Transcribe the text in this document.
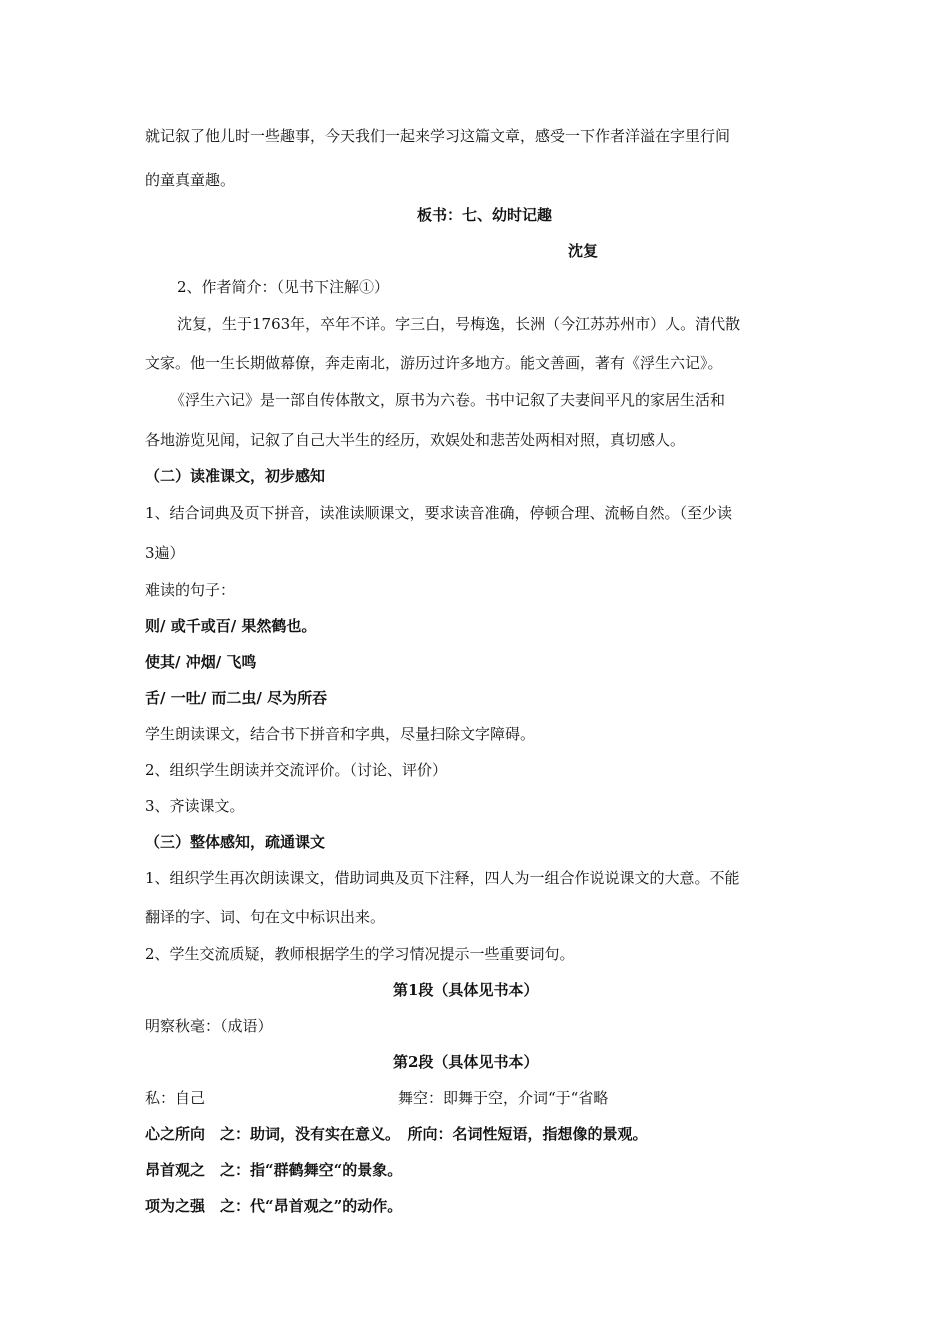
就记叙了他儿时一些趣事，今天我们一起来学习这篇文章，感受一下作者洋溢在字里行间
的童真童趣。
板书：七、幼时记趣
沈复
2、作者简介：（见书下注解①）
沈复，生于1763年，卒年不详。字三白，号梅逸，长洲（今江苏苏州市）人。清代散
文家。他一生长期做幕僚，奔走南北，游历过许多地方。能文善画，著有《浮生六记》。
《浮生六记》是一部自传体散文，原书为六卷。书中记叙了夫妻间平凡的家居生活和
各地游览见闻，记叙了自己大半生的经历，欢娱处和悲苦处两相对照，真切感人。
（二）读准课文，初步感知
1、结合词典及页下拼音，读准读顺课文，要求读音准确，停顿合理、流畅自然。（至少读
3遍）
难读的句子：
则/ 或千或百/ 果然鹤也。
使其/ 冲烟/ 飞鸣
舌/ 一吐/ 而二虫/ 尽为所吞
学生朗读课文，结合书下拼音和字典，尽量扫除文字障碍。
2、组织学生朗读并交流评价。（讨论、评价）
3、齐读课文。
（三）整体感知，疏通课文
1、组织学生再次朗读课文，借助词典及页下注释，四人为一组合作说说课文的大意。不能
翻译的字、词、句在文中标识出来。
2、学生交流质疑，教师根据学生的学习情况提示一些重要词句。
第1段（具体见书本）
明察秋毫：（成语）
第2段（具体见书本）
私：自己	舞空：即舞于空，介词“于“省略
心之所向　之：助词，没有实在意义。　所向：名词性短语，指想像的景观。
昂首观之　之：指“群鹤舞空“的景象。
项为之强　之：代“昂首观之”的动作。
